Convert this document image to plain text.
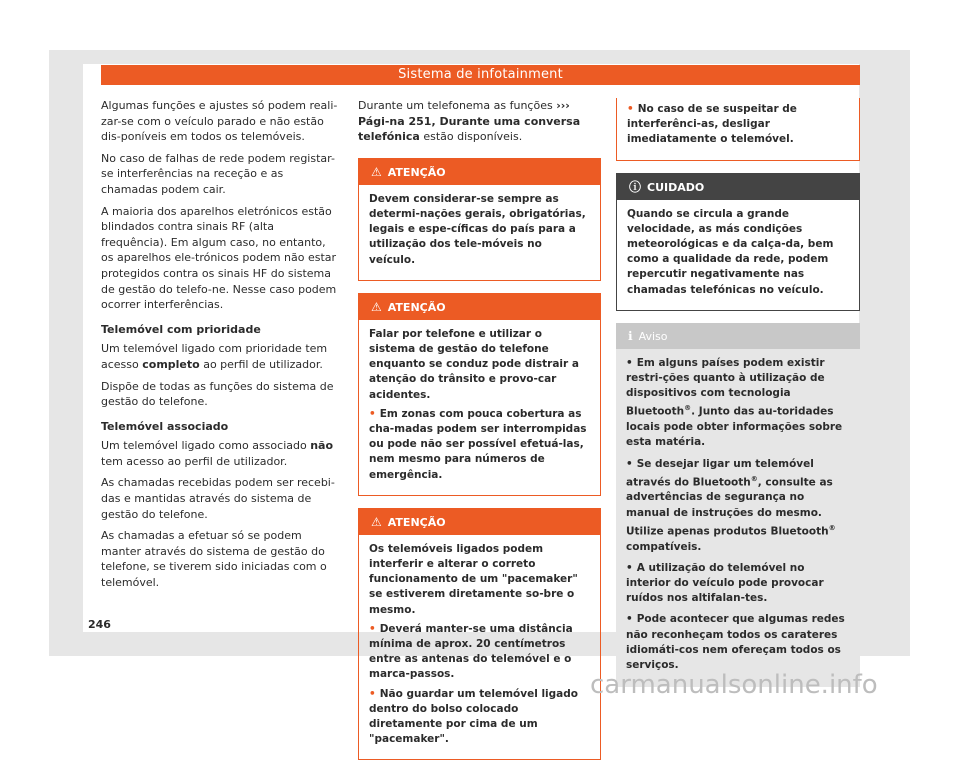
Sistema de infotainment

Algumas funções e ajustes só podem reali-zar-se com o veículo parado e não estão dis-poníveis em todos os telemóveis.

No caso de falhas de rede podem registar-se interferências na receção e as chamadas podem cair.

A maioria dos aparelhos eletrónicos estão blindados contra sinais RF (alta frequência). Em algum caso, no entanto, os aparelhos ele-trónicos podem não estar protegidos contra os sinais HF do sistema de gestão do telefo-ne. Nesse caso podem ocorrer interferências.

Telemóvel com prioridade

Um telemóvel ligado com prioridade tem acesso completo ao perfil de utilizador.

Dispõe de todas as funções do sistema de gestão do telefone.

Telemóvel associado

Um telemóvel ligado como associado não tem acesso ao perfil de utilizador.

As chamadas recebidas podem ser recebi-das e mantidas através do sistema de gestão do telefone.

As chamadas a efetuar só se podem manter através do sistema de gestão do telefone, se tiverem sido iniciadas com o telemóvel.

Durante um telefonema as funções ››› Pági-na 251, Durante uma conversa telefónica estão disponíveis.

⚠ ATENÇÃO

Devem considerar-se sempre as determi-nações gerais, obrigatórias, legais e espe-cíficas do país para a utilização dos tele-móveis no veículo.

⚠ ATENÇÃO

Falar por telefone e utilizar o sistema de gestão do telefone enquanto se conduz pode distrair a atenção do trânsito e provo-car acidentes.

• Em zonas com pouca cobertura as cha-madas podem ser interrompidas ou pode não ser possível efetuá-las, nem mesmo para números de emergência.

⚠ ATENÇÃO

Os telemóveis ligados podem interferir e alterar o correto funcionamento de um "pacemaker" se estiverem diretamente so-bre o mesmo.

• Deverá manter-se uma distância mínima de aprox. 20 centímetros entre as antenas do telemóvel e o marca-passos.

• Não guardar um telemóvel ligado dentro do bolso colocado diretamente por cima de um "pacemaker".

• No caso de se suspeitar de interferênci-as, desligar imediatamente o telemóvel.

ⓘ CUIDADO

Quando se circula a grande velocidade, as más condições meteorológicas e da calça-da, bem como a qualidade da rede, podem repercutir negativamente nas chamadas telefónicas no veículo.

ℹ Aviso

• Em alguns países podem existir restri-ções quanto à utilização de dispositivos com tecnologia Bluetooth®. Junto das au-toridades locais pode obter informações sobre esta matéria.

• Se desejar ligar um telemóvel através do Bluetooth®, consulte as advertências de segurança no manual de instruções do mesmo. Utilize apenas produtos Bluetooth® compatíveis.

• A utilização do telemóvel no interior do veículo pode provocar ruídos nos altifalan-tes.

• Pode acontecer que algumas redes não reconheçam todos os carateres idiomáti-cos nem ofereçam todos os serviços.

246
carmanualsonline.info
